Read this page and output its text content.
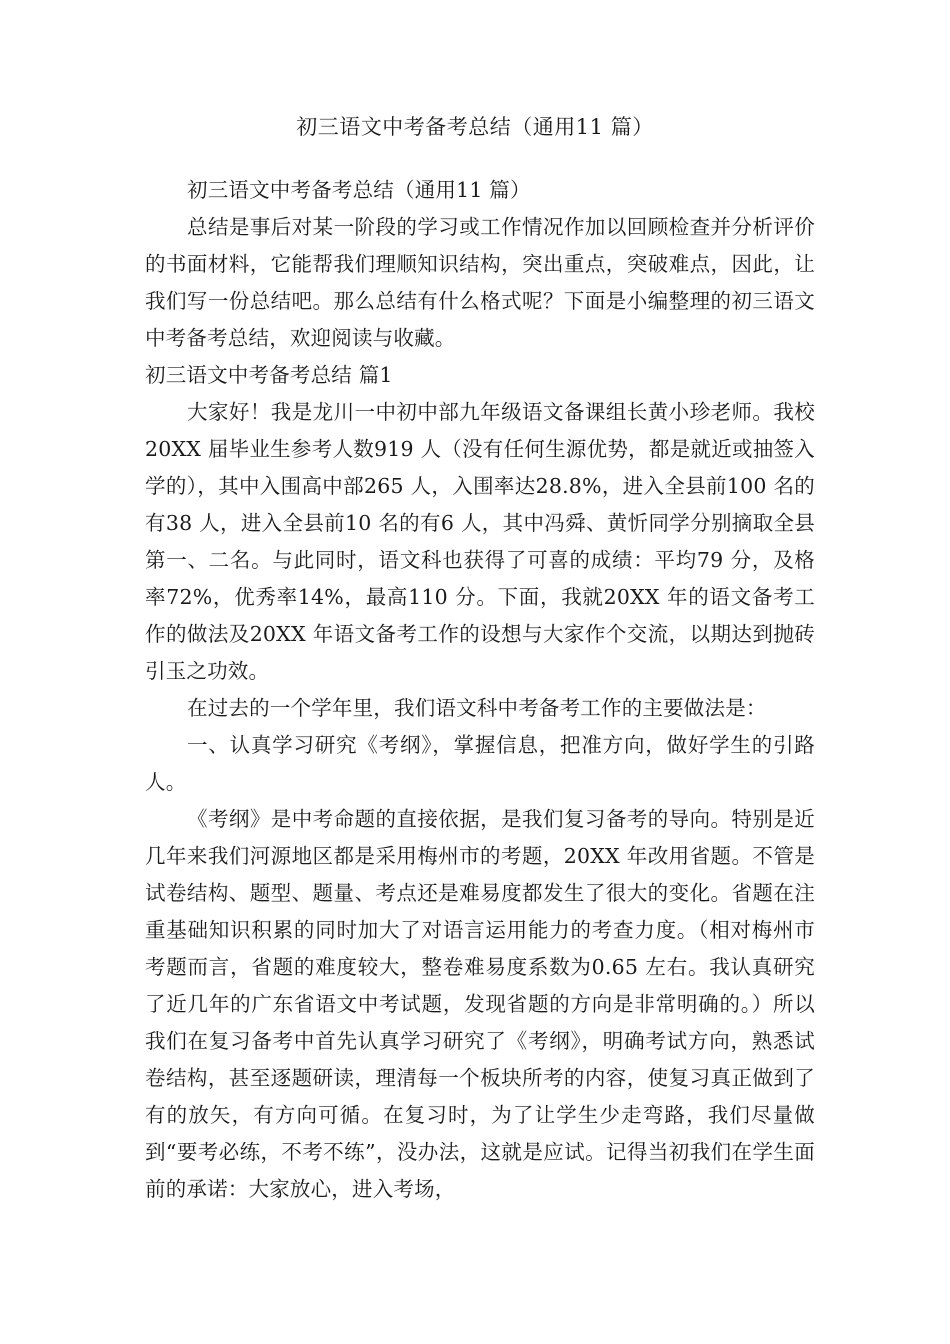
初三语文中考备考总结（通用11 篇）

初三语文中考备考总结（通用11 篇）

总结是事后对某一阶段的学习或工作情况作加以回顾检查并分析评价的书面材料，它能帮我们理顺知识结构，突出重点，突破难点，因此，让我们写一份总结吧。那么总结有什么格式呢？下面是小编整理的初三语文中考备考总结，欢迎阅读与收藏。

初三语文中考备考总结 篇1

大家好！我是龙川一中初中部九年级语文备课组长黄小珍老师。我校20XX 届毕业生参考人数919 人（没有任何生源优势，都是就近或抽签入学的），其中入围高中部265 人，入围率达28.8%，进入全县前100 名的有38 人，进入全县前10 名的有6 人，其中冯舜、黄忻同学分别摘取全县第一、二名。与此同时，语文科也获得了可喜的成绩：平均79 分，及格率72%，优秀率14%，最高110 分。下面，我就20XX 年的语文备考工作的做法及20XX 年语文备考工作的设想与大家作个交流，以期达到抛砖引玉之功效。

在过去的一个学年里，我们语文科中考备考工作的主要做法是：

一、认真学习研究《考纲》，掌握信息，把准方向，做好学生的引路人。

《考纲》是中考命题的直接依据，是我们复习备考的导向。特别是近几年来我们河源地区都是采用梅州市的考题，20XX 年改用省题。不管是试卷结构、题型、题量、考点还是难易度都发生了很大的变化。省题在注重基础知识积累的同时加大了对语言运用能力的考查力度。（相对梅州市考题而言，省题的难度较大，整卷难易度系数为0.65 左右。我认真研究了近几年的广东省语文中考试题，发现省题的方向是非常明确的。）所以我们在复习备考中首先认真学习研究了《考纲》，明确考试方向，熟悉试卷结构，甚至逐题研读，理清每一个板块所考的内容，使复习真正做到了有的放矢，有方向可循。在复习时，为了让学生少走弯路，我们尽量做到“要考必练，不考不练”，没办法，这就是应试。记得当初我们在学生面前的承诺：大家放心，进入考场，
